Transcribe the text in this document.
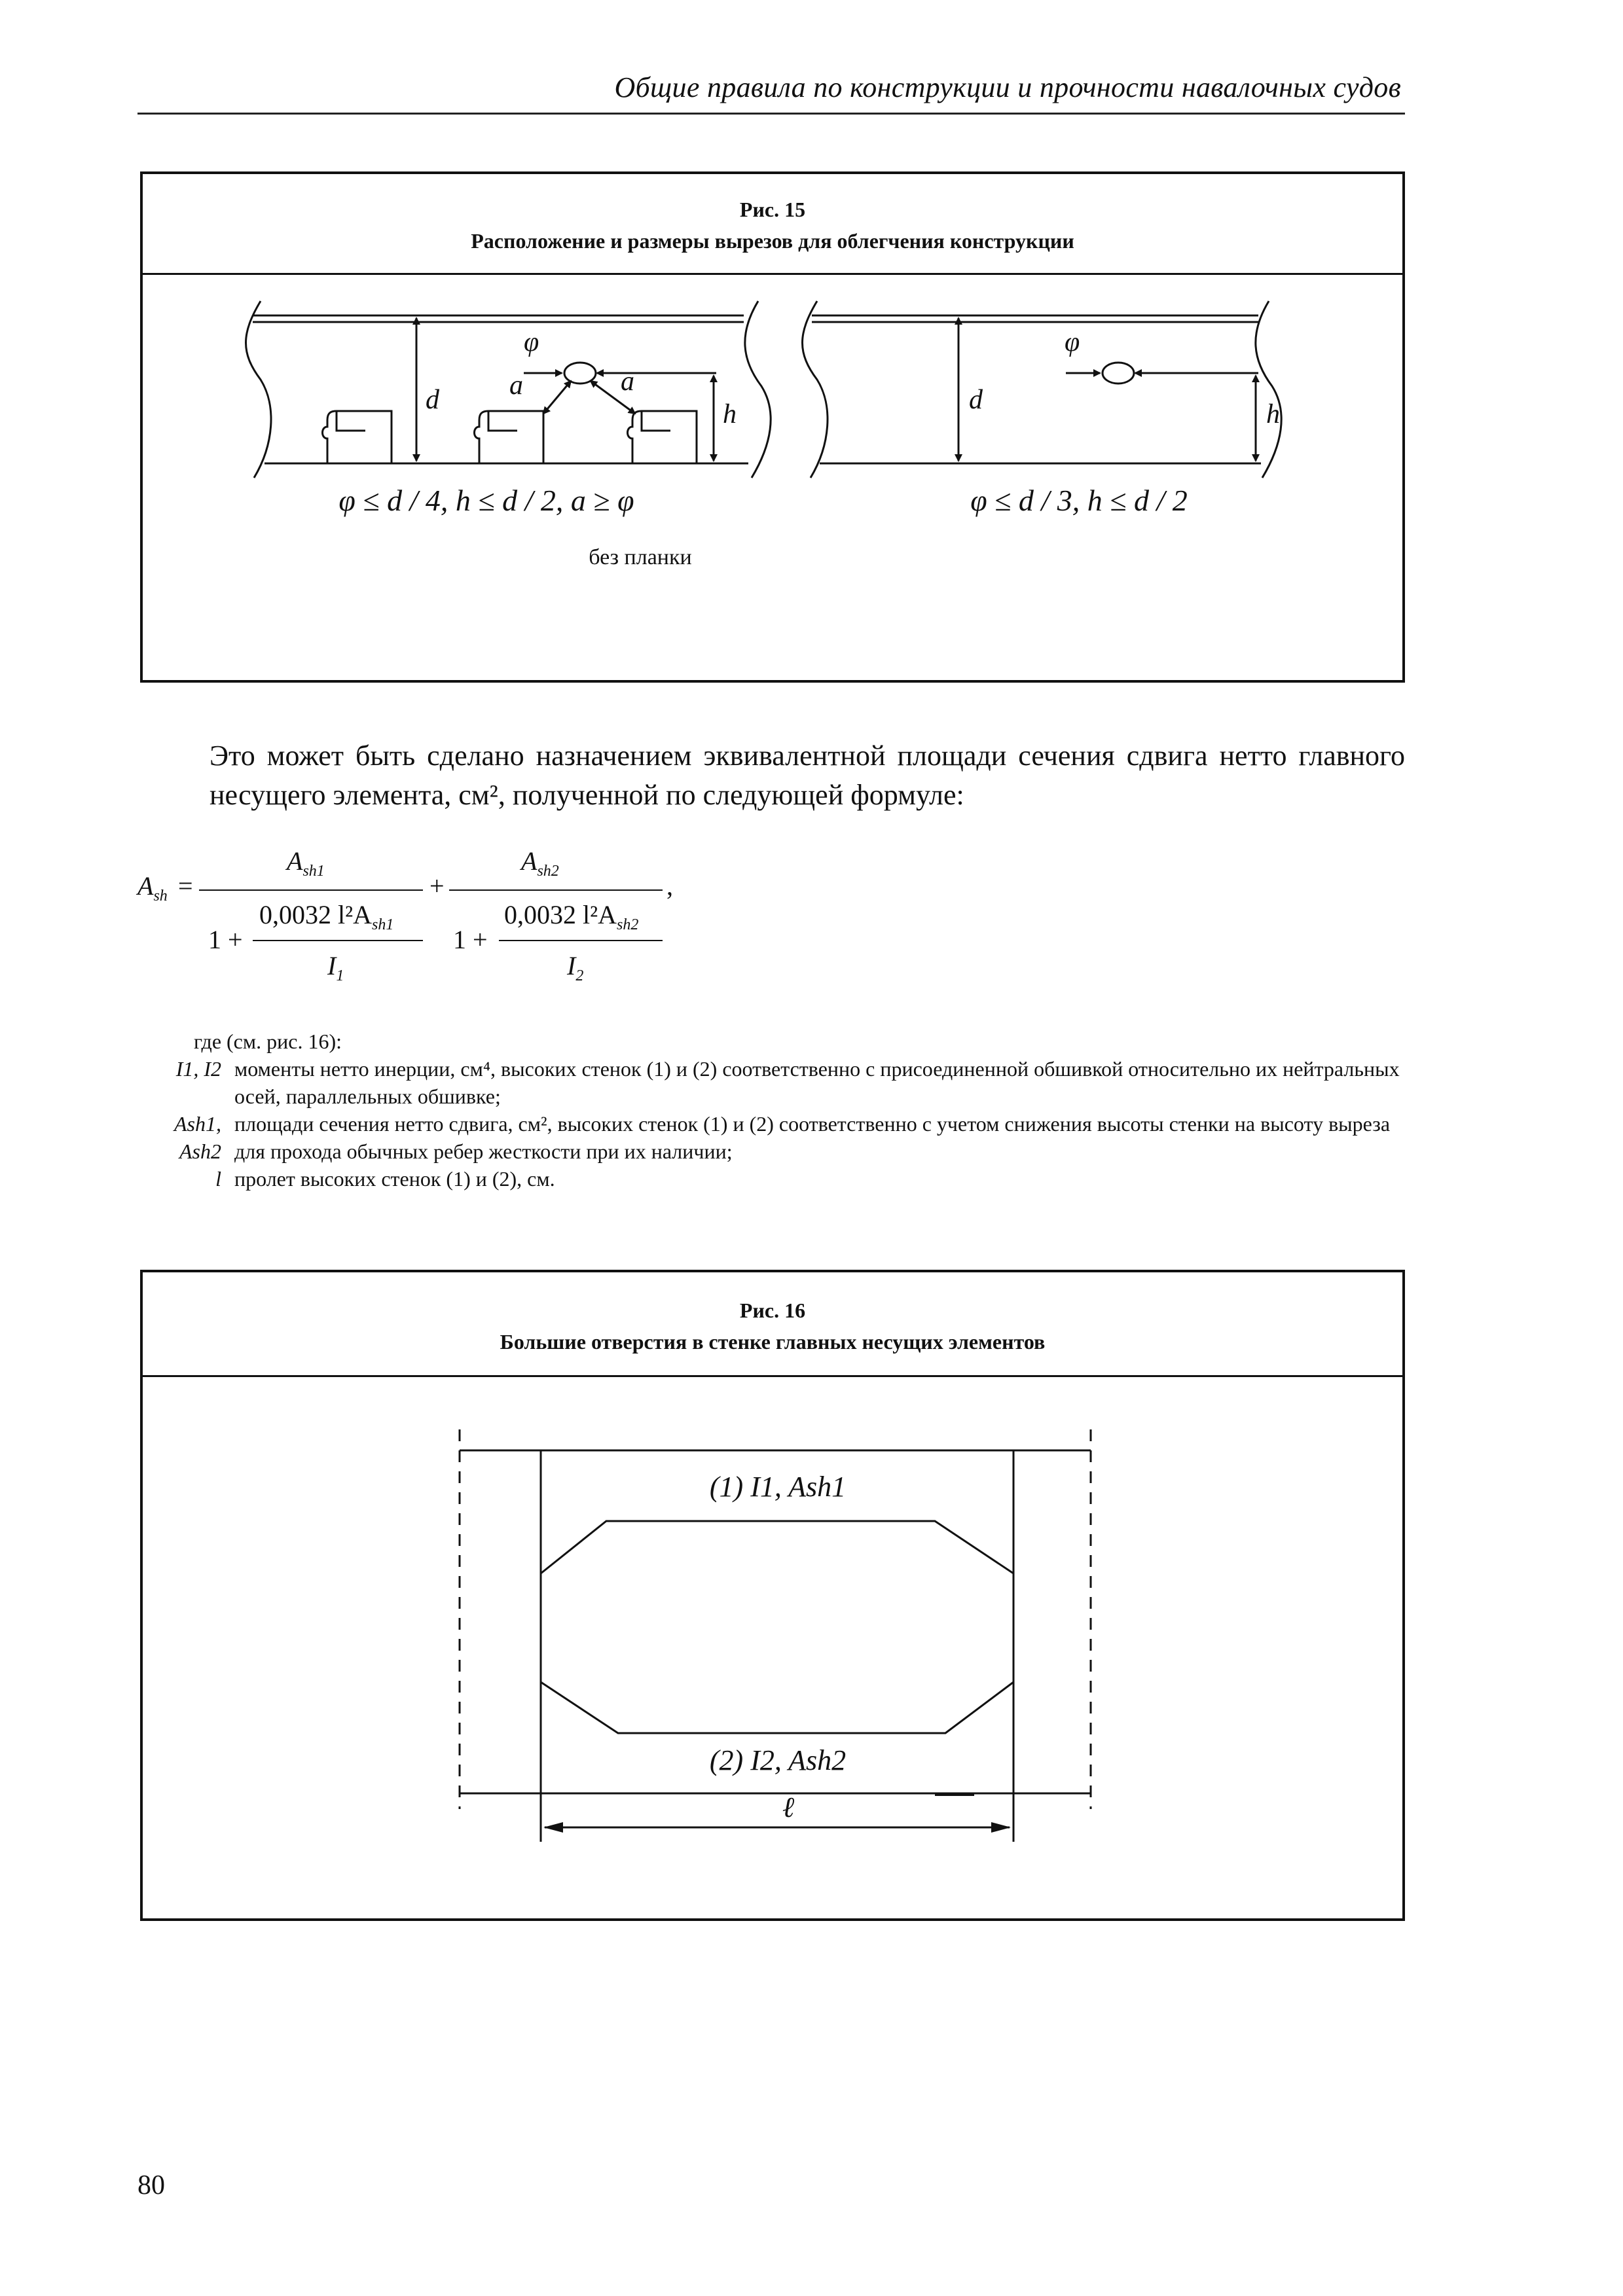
Общие правила по конструкции и прочности навалочных судов
Рис. 15
Расположение и размеры вырезов для облегчения конструкции
φ
d	a	a
h
φ
d	h
φ ≤ d / 4, h ≤ d / 2, a ≥ φ	φ ≤ d / 3, h ≤ d / 2
без планки
Это может быть сделано назначением эквивалентной площади сечения сдвига нетто главного несущего элемента, см², полученной по следующей формуле:
$A_{sh}$ =
$A_{sh1}$
1 +
0,0032 $l^2A_{sh1}$
$I_1$
+
$A_{sh2}$
1 +
0,0032 $l^2A_{sh2}$
$I_2$
,
где (см. рис. 16):
I1, I2 моменты нетто инерции, см⁴, высоких стенок (1) и (2) соответственно с присоединенной обшивкой относительно их нейтральных осей, параллельных обшивке;
Ash1, Ash2
площади сечения нетто сдвига, см², высоких стенок (1) и (2) соответственно с учетом снижения высоты стенки на высоту выреза для прохода обычных ребер жесткости при их наличии;
l пролет высоких стенок (1) и (2), см.
Рис. 16
Большие отверстия в стенке главных несущих элементов
(1) I1, Ash1
(2) I2, Ash2
ℓ
80
